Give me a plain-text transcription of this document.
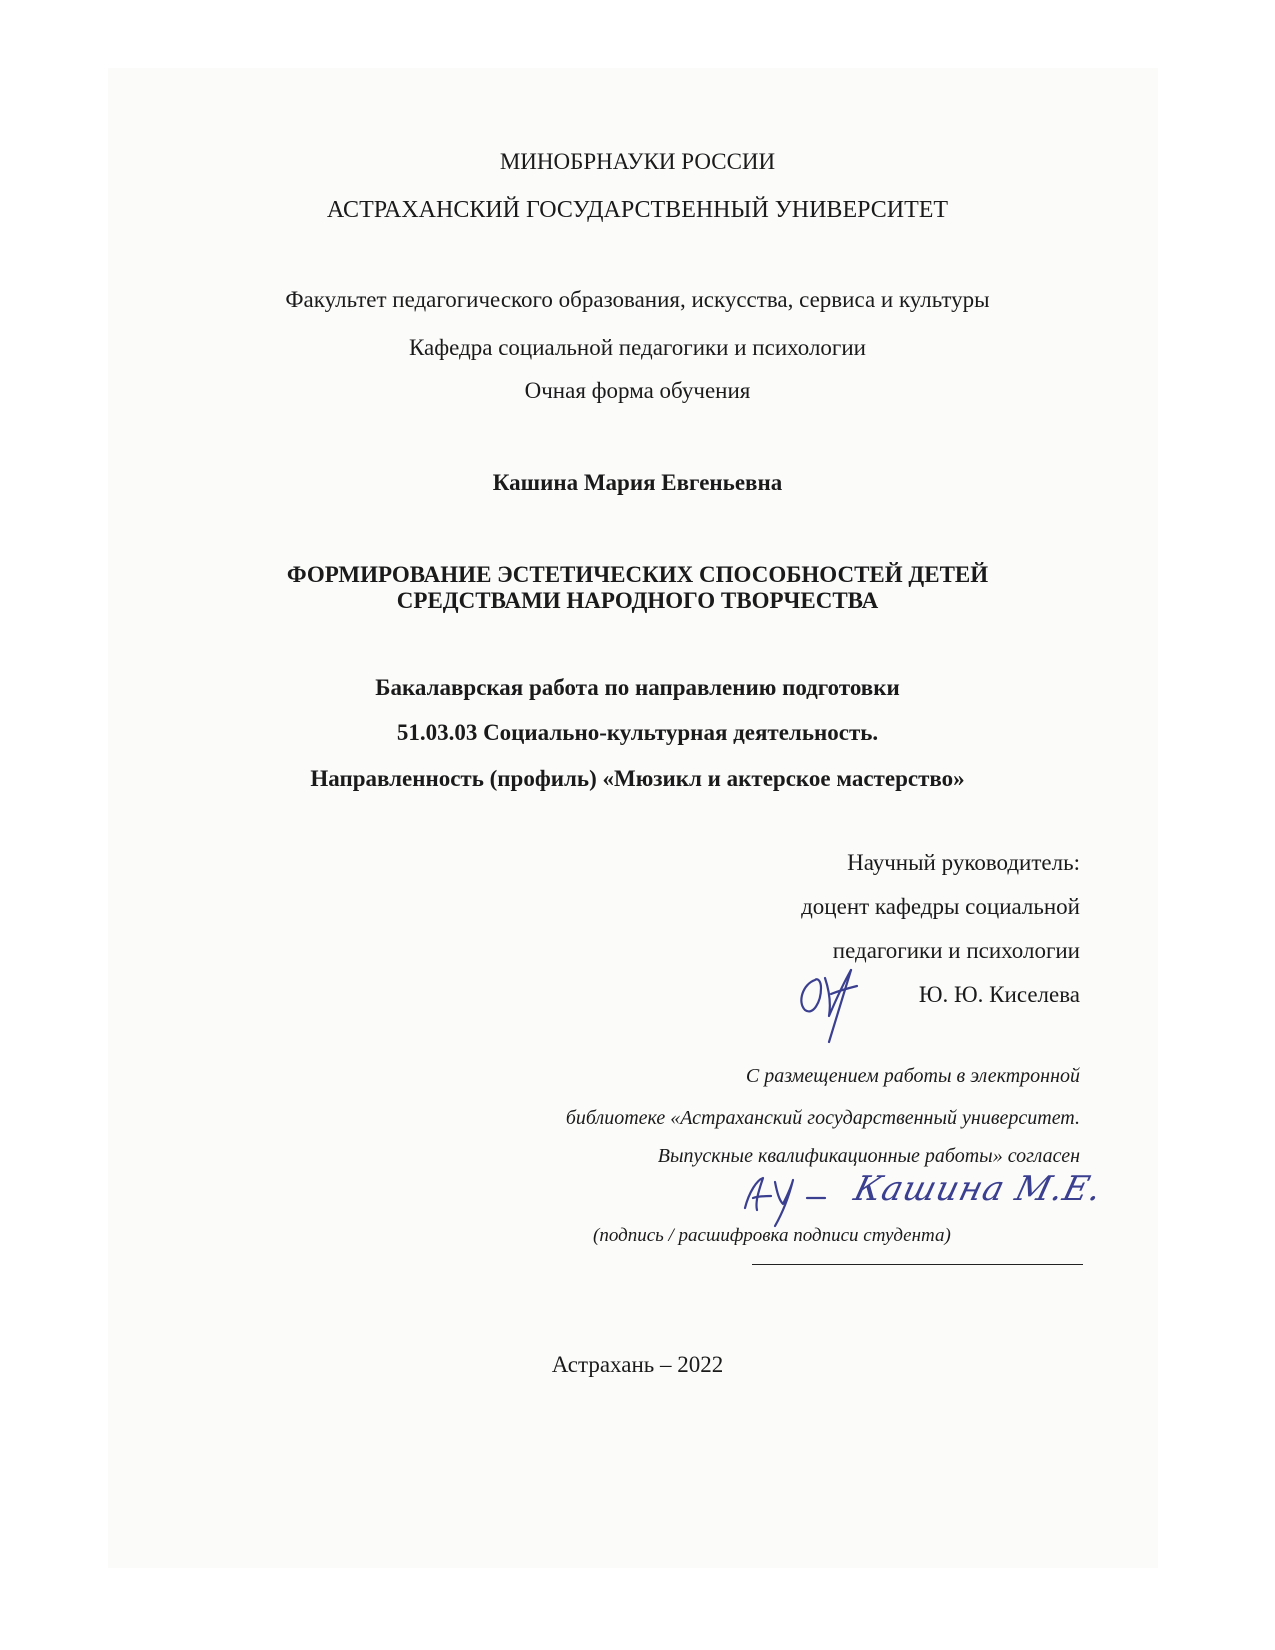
МИНОБРНАУКИ РОССИИ
АСТРАХАНСКИЙ ГОСУДАРСТВЕННЫЙ УНИВЕРСИТЕТ
Факультет педагогического образования, искусства, сервиса и культуры
Кафедра социальной педагогики и психологии
Очная форма обучения
Кашина Мария Евгеньевна
ФОРМИРОВАНИЕ ЭСТЕТИЧЕСКИХ СПОСОБНОСТЕЙ ДЕТЕЙ
СРЕДСТВАМИ НАРОДНОГО ТВОРЧЕСТВА
Бакалаврская работа по направлению подготовки
51.03.03 Социально-культурная деятельность.
Направленность (профиль) «Мюзикл и актерское мастерство»
Научный руководитель:
доцент кафедры социальной
педагогики и психологии
Ю. Ю. Киселева
С размещением работы в электронной
библиотеке «Астраханский государственный университет.
Выпускные квалификационные работы» согласен
Кашина М.Е.
(подпись / расшифровка подписи студента)
Астрахань – 2022
